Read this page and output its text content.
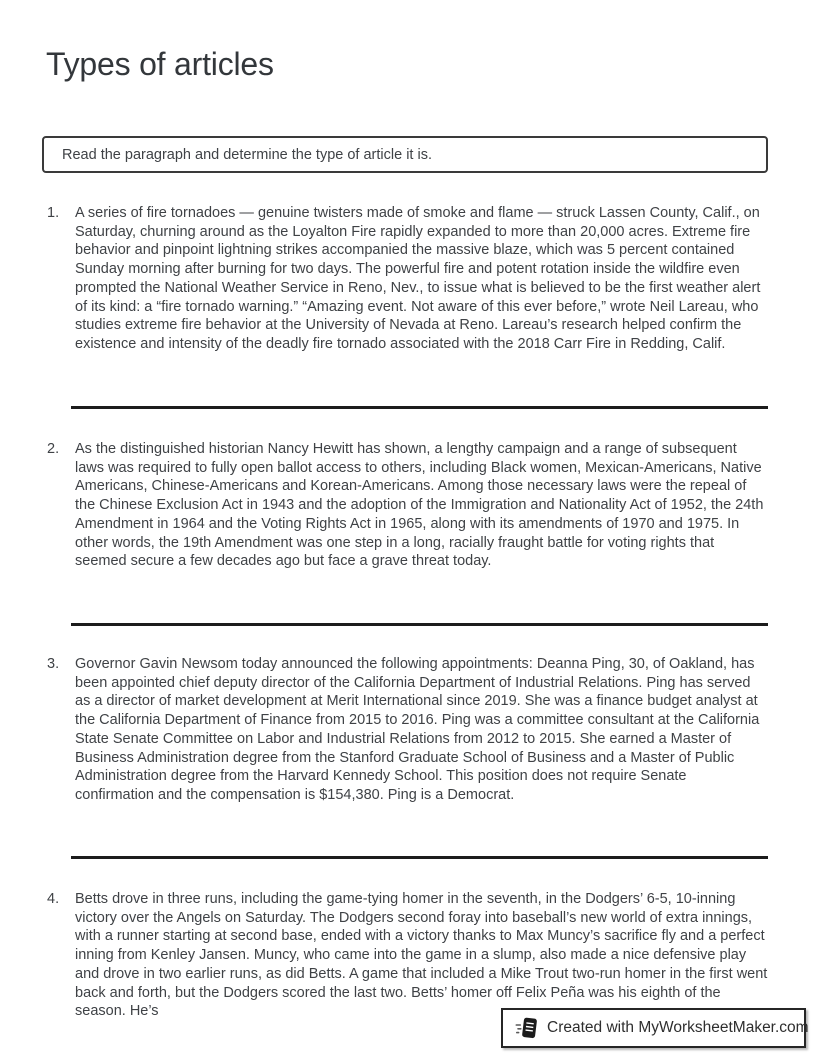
Types of articles
Read the paragraph and determine the type of article it is.
1.	A series of fire tornadoes — genuine twisters made of smoke and flame — struck Lassen County, Calif., on Saturday, churning around as the Loyalton Fire rapidly expanded to more than 20,000 acres. Extreme fire behavior and pinpoint lightning strikes accompanied the massive blaze, which was 5 percent contained Sunday morning after burning for two days. The powerful fire and potent rotation inside the wildfire even prompted the National Weather Service in Reno, Nev., to issue what is believed to be the first weather alert of its kind: a “fire tornado warning.” “Amazing event. Not aware of this ever before,” wrote Neil Lareau, who studies extreme fire behavior at the University of Nevada at Reno. Lareau’s research helped confirm the existence and intensity of the deadly fire tornado associated with the 2018 Carr Fire in Redding, Calif.
2.	As the distinguished historian Nancy Hewitt has shown, a lengthy campaign and a range of subsequent laws was required to fully open ballot access to others, including Black women, Mexican-Americans, Native Americans, Chinese-Americans and Korean-Americans. Among those necessary laws were the repeal of the Chinese Exclusion Act in 1943 and the adoption of the Immigration and Nationality Act of 1952, the 24th Amendment in 1964 and the Voting Rights Act in 1965, along with its amendments of 1970 and 1975. In other words, the 19th Amendment was one step in a long, racially fraught battle for voting rights that seemed secure a few decades ago but face a grave threat today.
3.	Governor Gavin Newsom today announced the following appointments: Deanna Ping, 30, of Oakland, has been appointed chief deputy director of the California Department of Industrial Relations. Ping has served as a director of market development at Merit International since 2019. She was a finance budget analyst at the California Department of Finance from 2015 to 2016. Ping was a committee consultant at the California State Senate Committee on Labor and Industrial Relations from 2012 to 2015. She earned a Master of Business Administration degree from the Stanford Graduate School of Business and a Master of Public Administration degree from the Harvard Kennedy School. This position does not require Senate confirmation and the compensation is $154,380. Ping is a Democrat.
4.	Betts drove in three runs, including the game-tying homer in the seventh, in the Dodgers’ 6-5, 10-inning victory over the Angels on Saturday. The Dodgers second foray into baseball’s new world of extra innings, with a runner starting at second base, ended with a victory thanks to Max Muncy’s sacrifice fly and a perfect inning from Kenley Jansen. Muncy, who came into the game in a slump, also made a nice defensive play and drove in two earlier runs, as did Betts. A game that included a Mike Trout two-run homer in the first went back and forth, but the Dodgers scored the last two. Betts’ homer off Felix Peña was his eighth of the season. He’s
Created with MyWorksheetMaker.com
